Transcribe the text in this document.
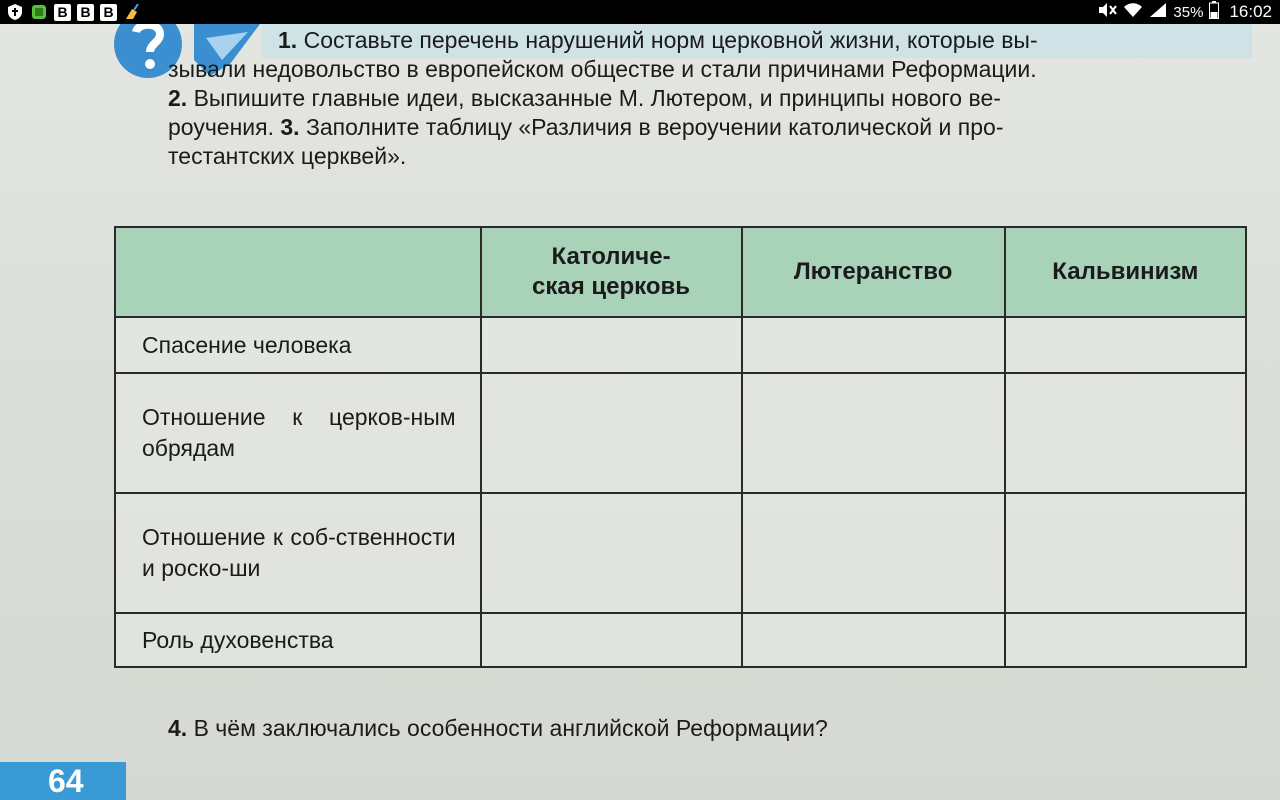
B B B	35% 16:02

1. Составьте перечень нарушений норм церковной жизни, которые вы-

зывали недовольство в европейском обществе и стали причинами Реформации.

2. Выпишите главные идеи, высказанные М. Лютером, и принципы нового ве-

роучения. 3. Заполните таблицу «Различия в вероучении католической и про-

тестантских церквей».

	Католиче-
ская церковь	Лютеранство	Кальвинизм
Спасение человека			
Отношение к церков-ным обрядам			
Отношение к соб-ственности и роско-ши			
Роль духовенства			
4. В чём заключались особенности английской Реформации?
64
